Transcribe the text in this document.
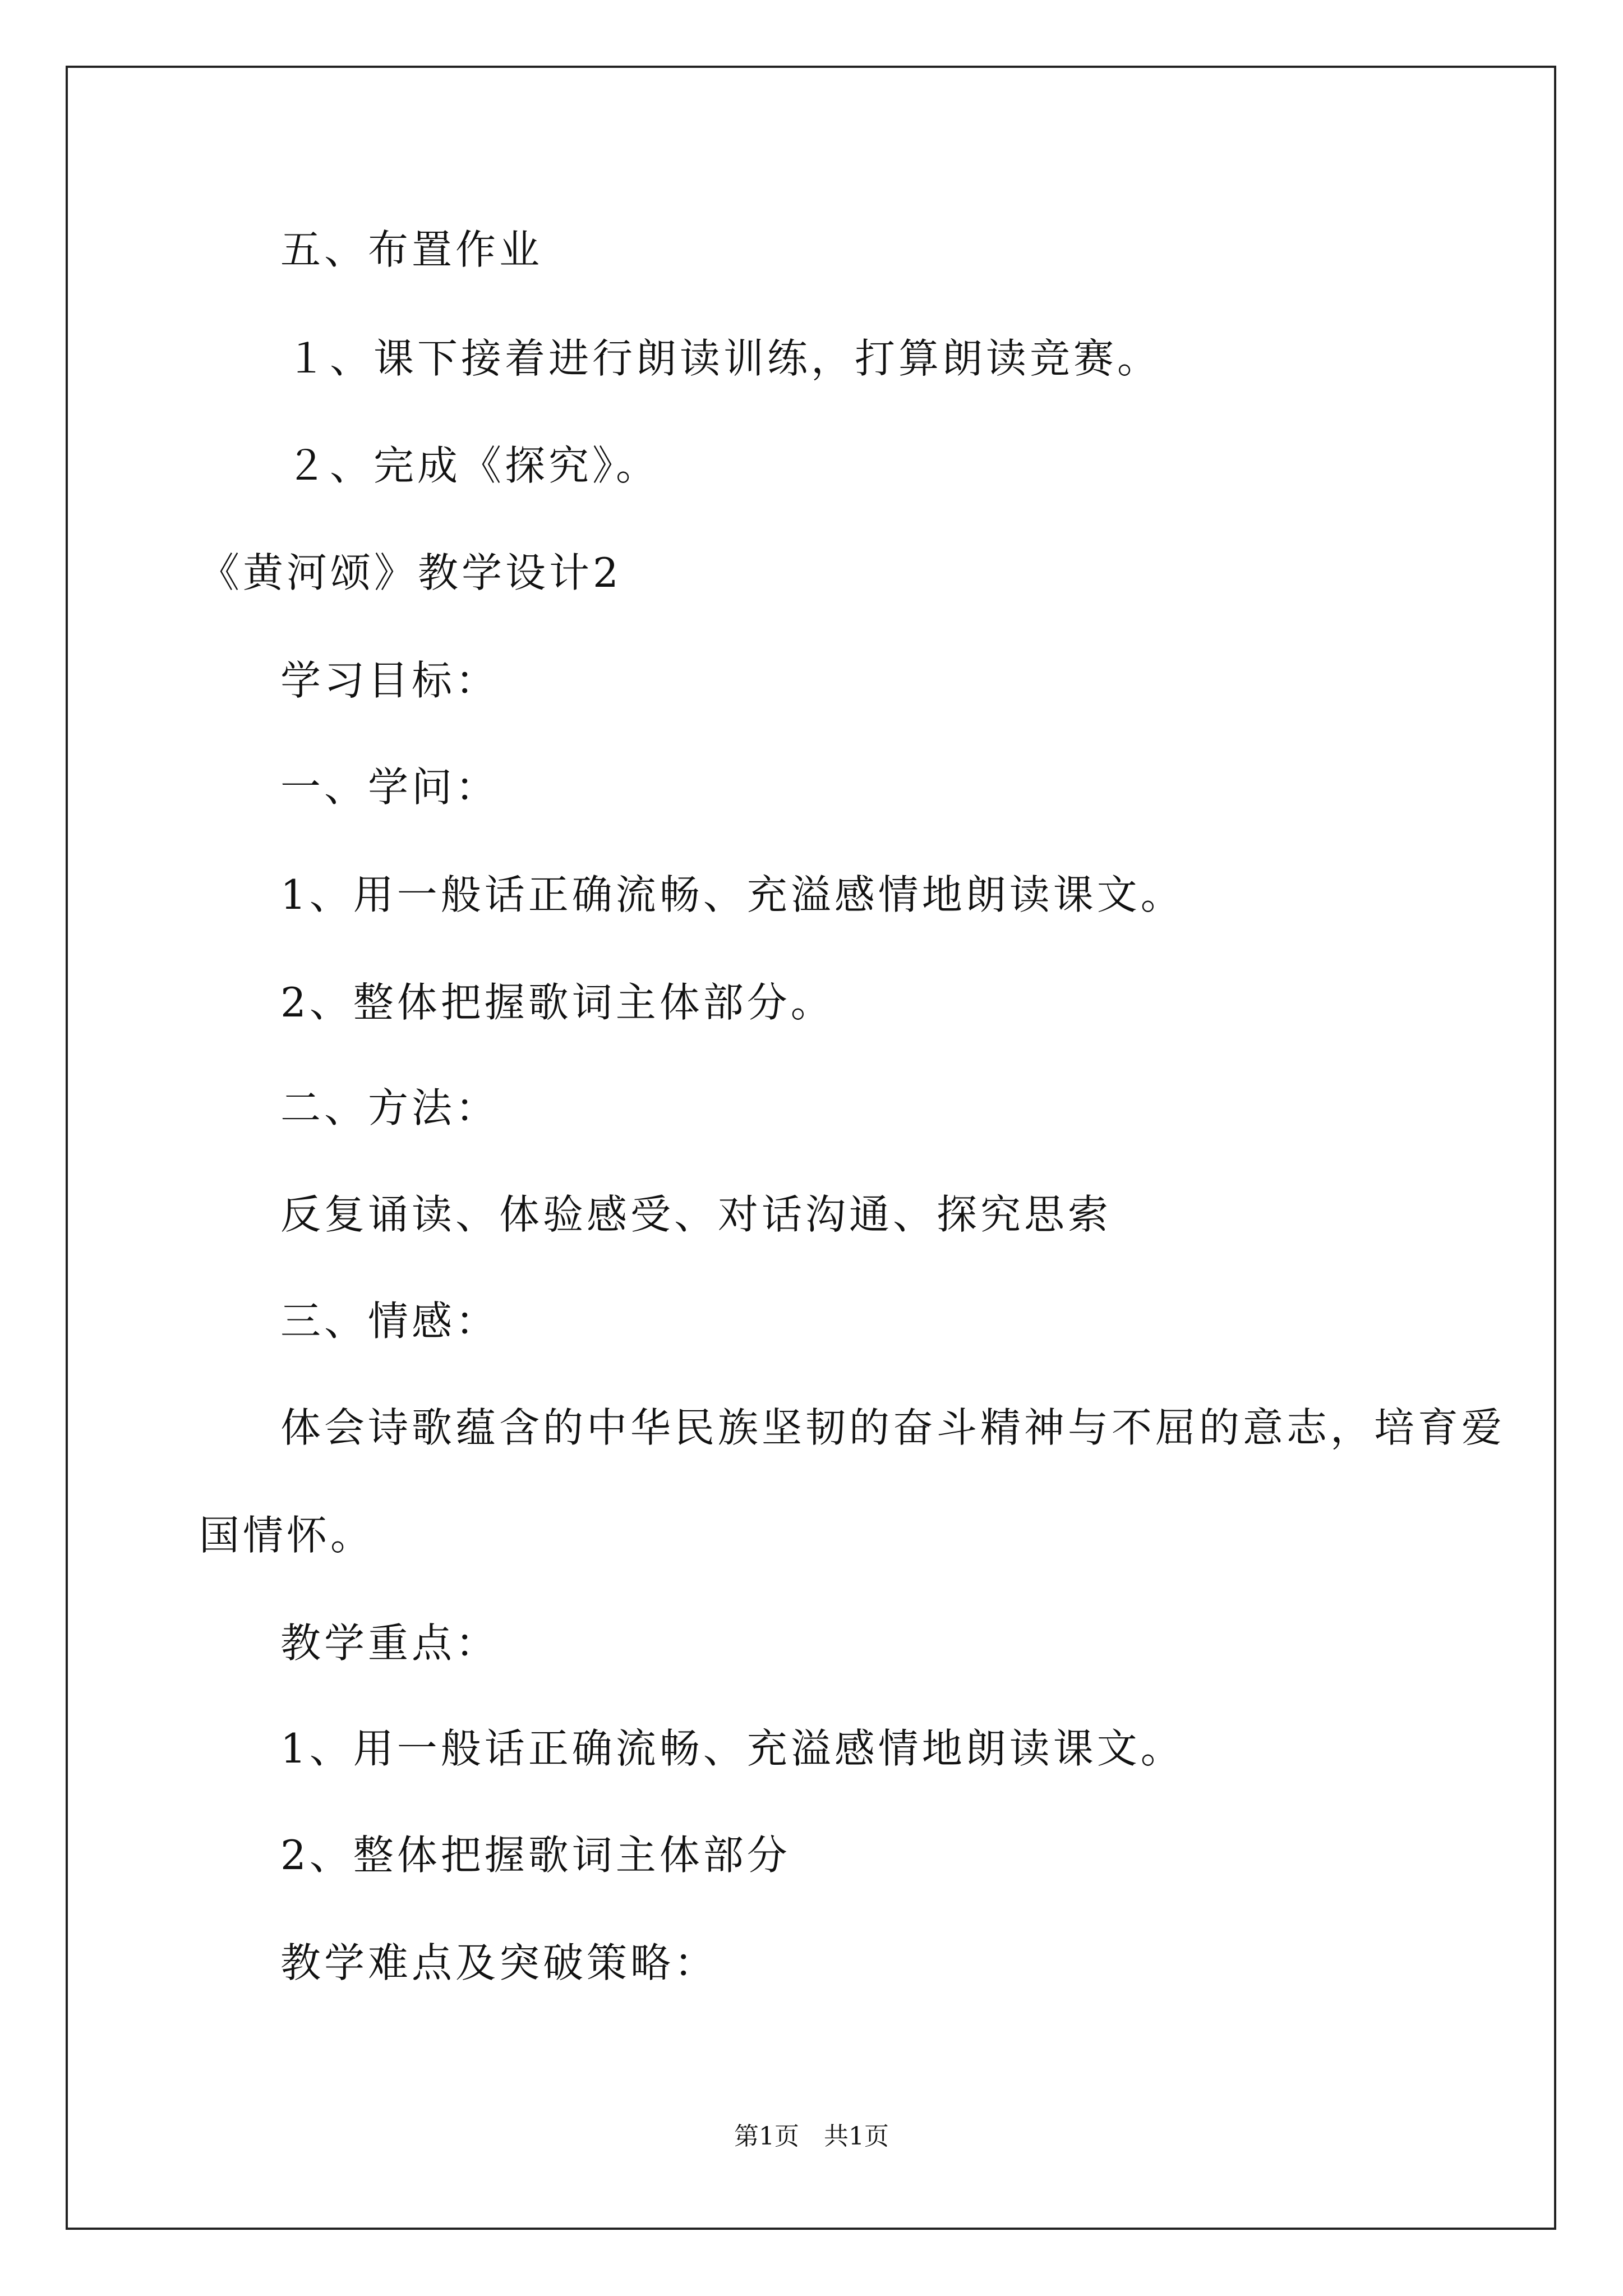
五、布置作业
１、课下接着进行朗读训练，打算朗读竞赛。
２、完成《探究》。
《黄河颂》教学设计2
学习目标：
一、学问：
1、用一般话正确流畅、充溢感情地朗读课文。
2、整体把握歌词主体部分。
二、方法：
反复诵读、体验感受、对话沟通、探究思索
三、情感：
体会诗歌蕴含的中华民族坚韧的奋斗精神与不屈的意志，培育爱
国情怀。
教学重点：
1、用一般话正确流畅、充溢感情地朗读课文。
2、整体把握歌词主体部分
教学难点及突破策略：
第1页 共1页
